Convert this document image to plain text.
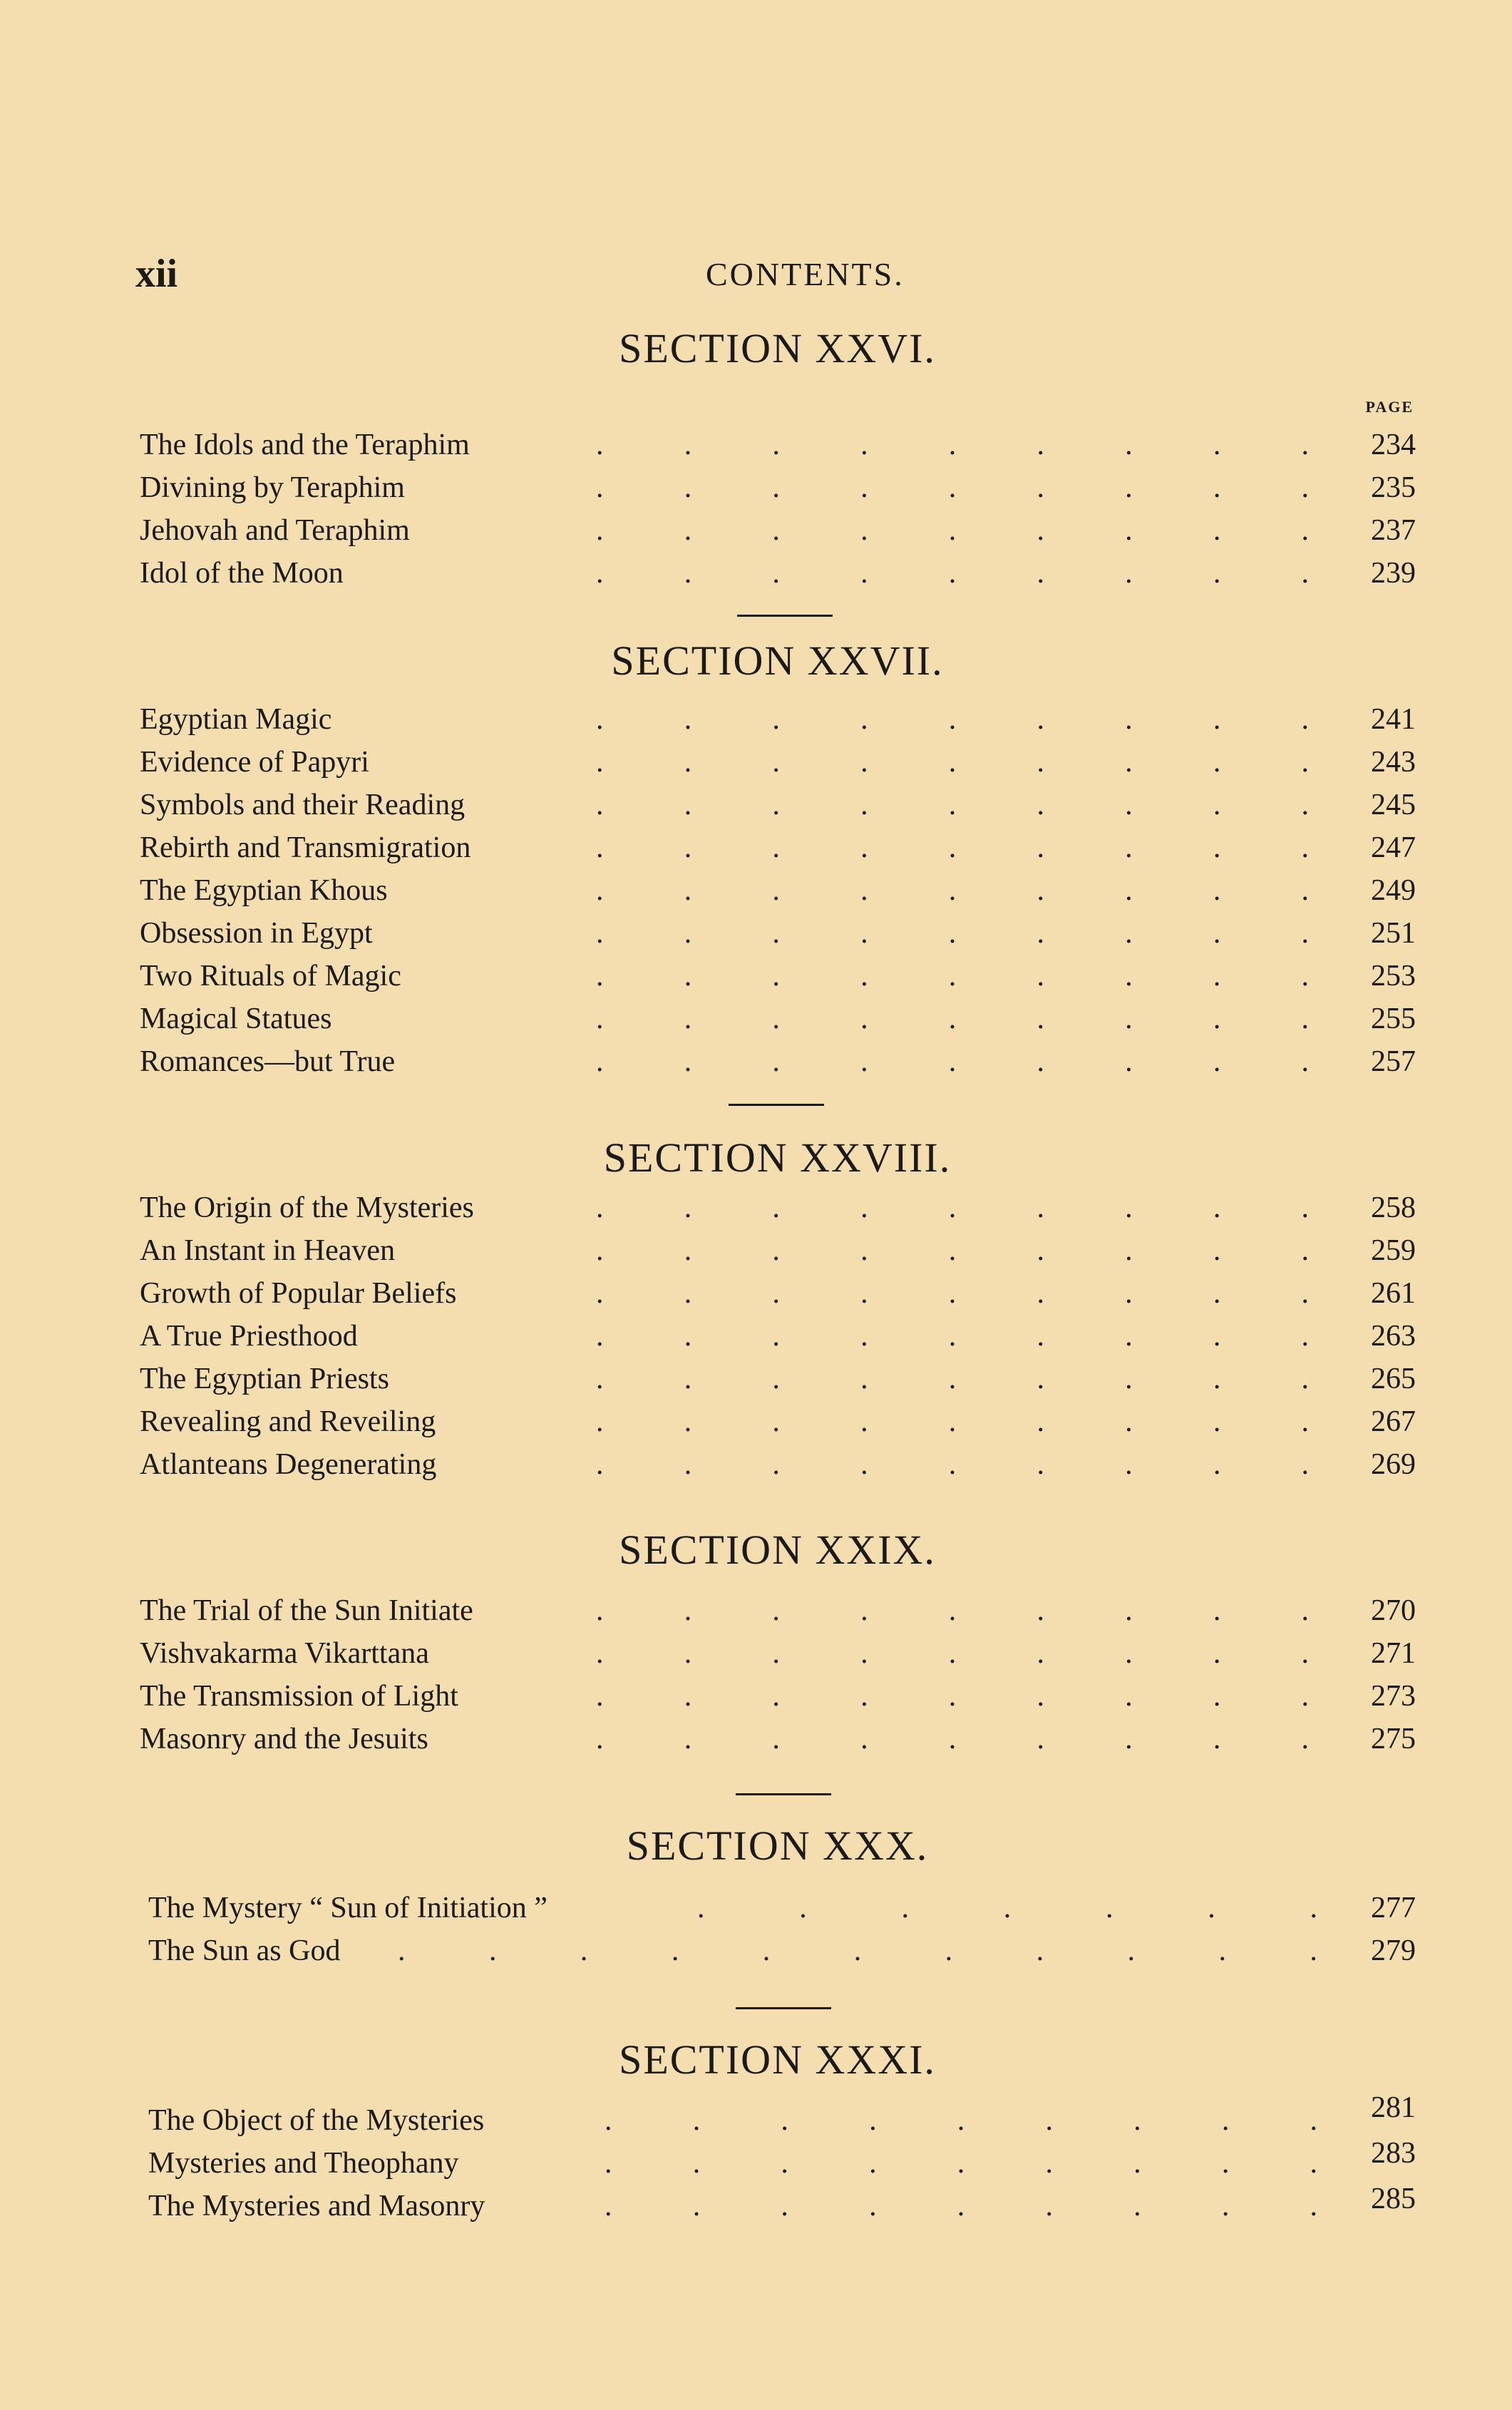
xii	CONTENTS.
SECTION XXVI.
PAGE
The Idols and the Teraphim	.	.	.	.	.	.	.	.	.	234
Divining by Teraphim	.	.	.	.	.	.	.	.	.	235
Jehovah and Teraphim	.	.	.	.	.	.	.	.	.	237
Idol of the Moon	.	.	.	.	.	.	.	.	.	239
SECTION XXVII.
Egyptian Magic	.	.	.	.	.	.	.	.	.	241
Evidence of Papyri	.	.	.	.	.	.	.	.	.	243
Symbols and their Reading	.	.	.	.	.	.	.	.	.	245
Rebirth and Transmigration	.	.	.	.	.	.	.	.	.	247
The Egyptian Khous	.	.	.	.	.	.	.	.	.	249
Obsession in Egypt	.	.	.	.	.	.	.	.	.	251
Two Rituals of Magic	.	.	.	.	.	.	.	.	.	253
Magical Statues	.	.	.	.	.	.	.	.	.	255
Romances—but True	.	.	.	.	.	.	.	.	.	257
SECTION XXVIII.
The Origin of the Mysteries	.	.	.	.	.	.	.	.	.	258
An Instant in Heaven	.	.	.	.	.	.	.	.	.	259
Growth of Popular Beliefs	.	.	.	.	.	.	.	.	.	261
A True Priesthood	.	.	.	.	.	.	.	.	.	263
The Egyptian Priests	.	.	.	.	.	.	.	.	.	265
Revealing and Reveiling	.	.	.	.	.	.	.	.	.	267
Atlanteans Degenerating	.	.	.	.	.	.	.	.	.	269
SECTION XXIX.
The Trial of the Sun Initiate	.	.	.	.	.	.	.	.	.	270
Vishvakarma Vikarttana	.	.	.	.	.	.	.	.	.	271
The Transmission of Light	.	.	.	.	.	.	.	.	.	273
Masonry and the Jesuits	.	.	.	.	.	.	.	.	.	275
SECTION XXX.
The Mystery “ Sun of Initiation ”	.	.	.	.	.	.	.	277
The Sun as God .	.	.	.	.	.	.	.	.	.	.	279
SECTION XXXI.
The Object of the Mysteries	.	.	.	.	.	.	.	.	.	281
Mysteries and Theophany	.	.	.	.	.	.	.	.	.	283
The Mysteries and Masonry	.	.	.	.	.	.	.	.	.	285
